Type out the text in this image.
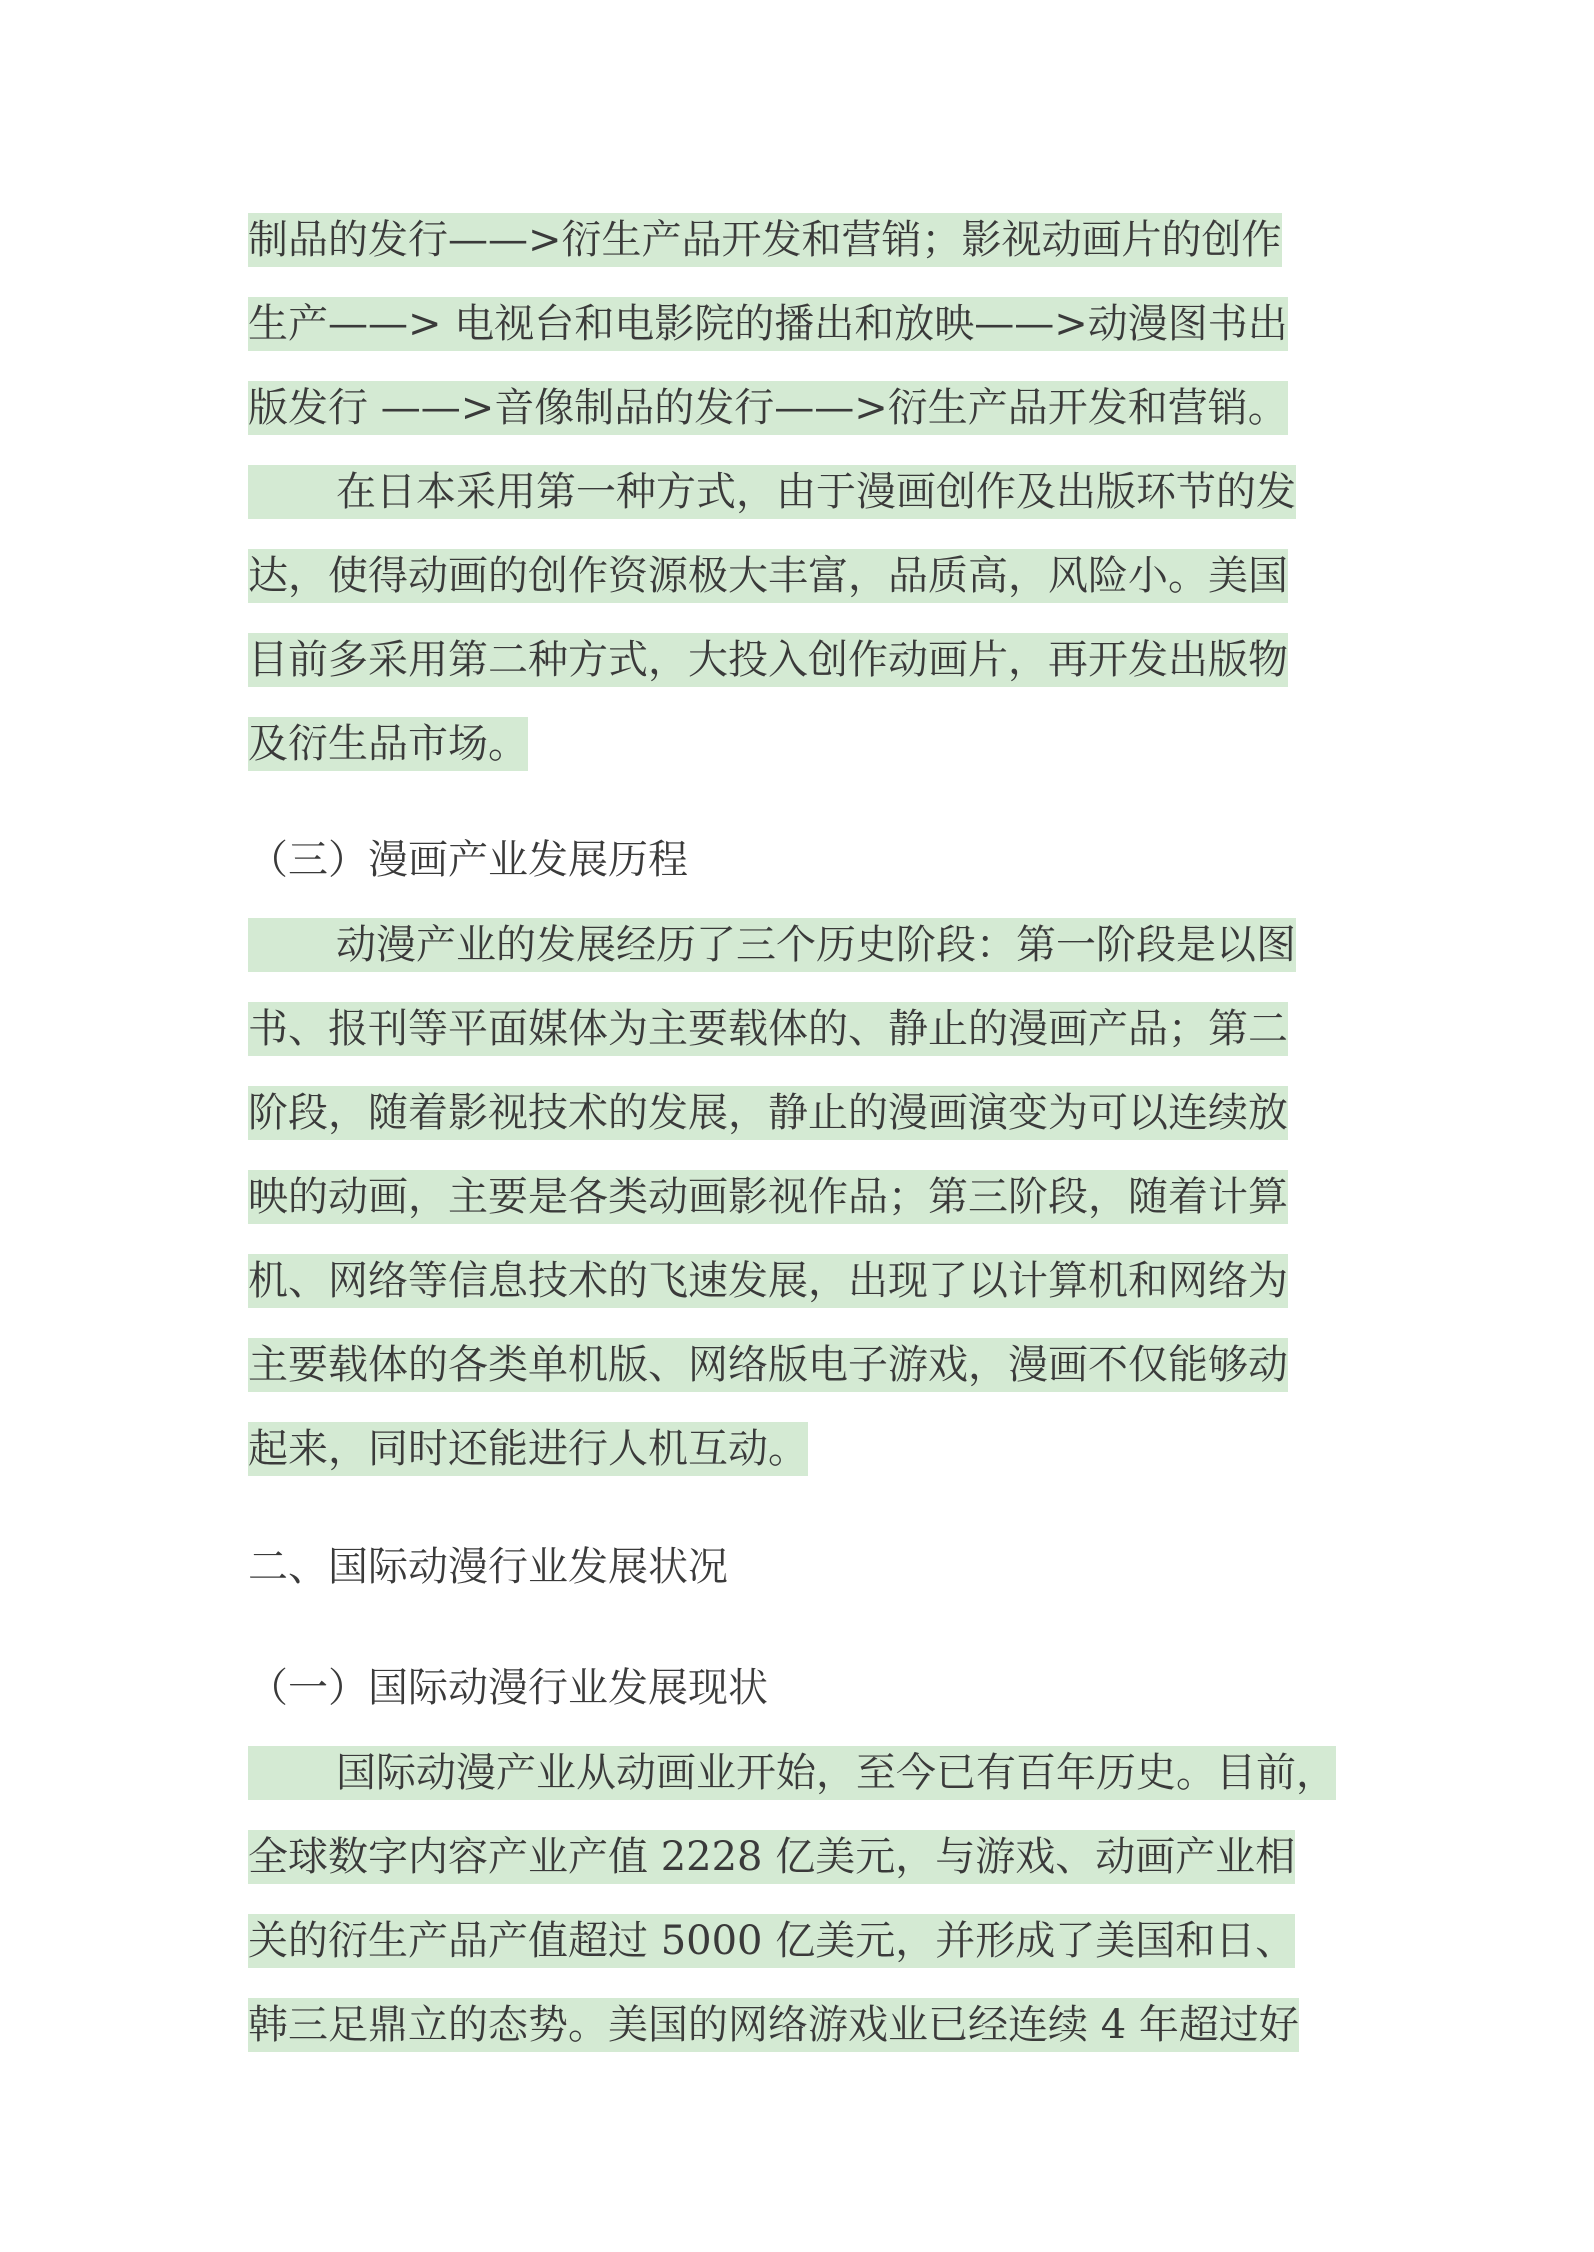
制品的发行——>衍生产品开发和营销；影视动画片的创作
生产——> 电视台和电影院的播出和放映——>动漫图书出
版发行 ——>音像制品的发行——>衍生产品开发和营销。
在日本采用第一种方式，由于漫画创作及出版环节的发
达，使得动画的创作资源极大丰富，品质高，风险小。美国
目前多采用第二种方式，大投入创作动画片，再开发出版物
及衍生品市场。
（三）漫画产业发展历程
动漫产业的发展经历了三个历史阶段：第一阶段是以图
书、报刊等平面媒体为主要载体的、静止的漫画产品；第二
阶段，随着影视技术的发展，静止的漫画演变为可以连续放
映的动画，主要是各类动画影视作品；第三阶段，随着计算
机、网络等信息技术的飞速发展，出现了以计算机和网络为
主要载体的各类单机版、网络版电子游戏，漫画不仅能够动
起来，同时还能进行人机互动。
二、国际动漫行业发展状况
（一）国际动漫行业发展现状
国际动漫产业从动画业开始，至今已有百年历史。目前，
全球数字内容产业产值 2228 亿美元，与游戏、动画产业相
关的衍生产品产值超过 5000 亿美元，并形成了美国和日、
韩三足鼎立的态势。美国的网络游戏业已经连续 4 年超过好
